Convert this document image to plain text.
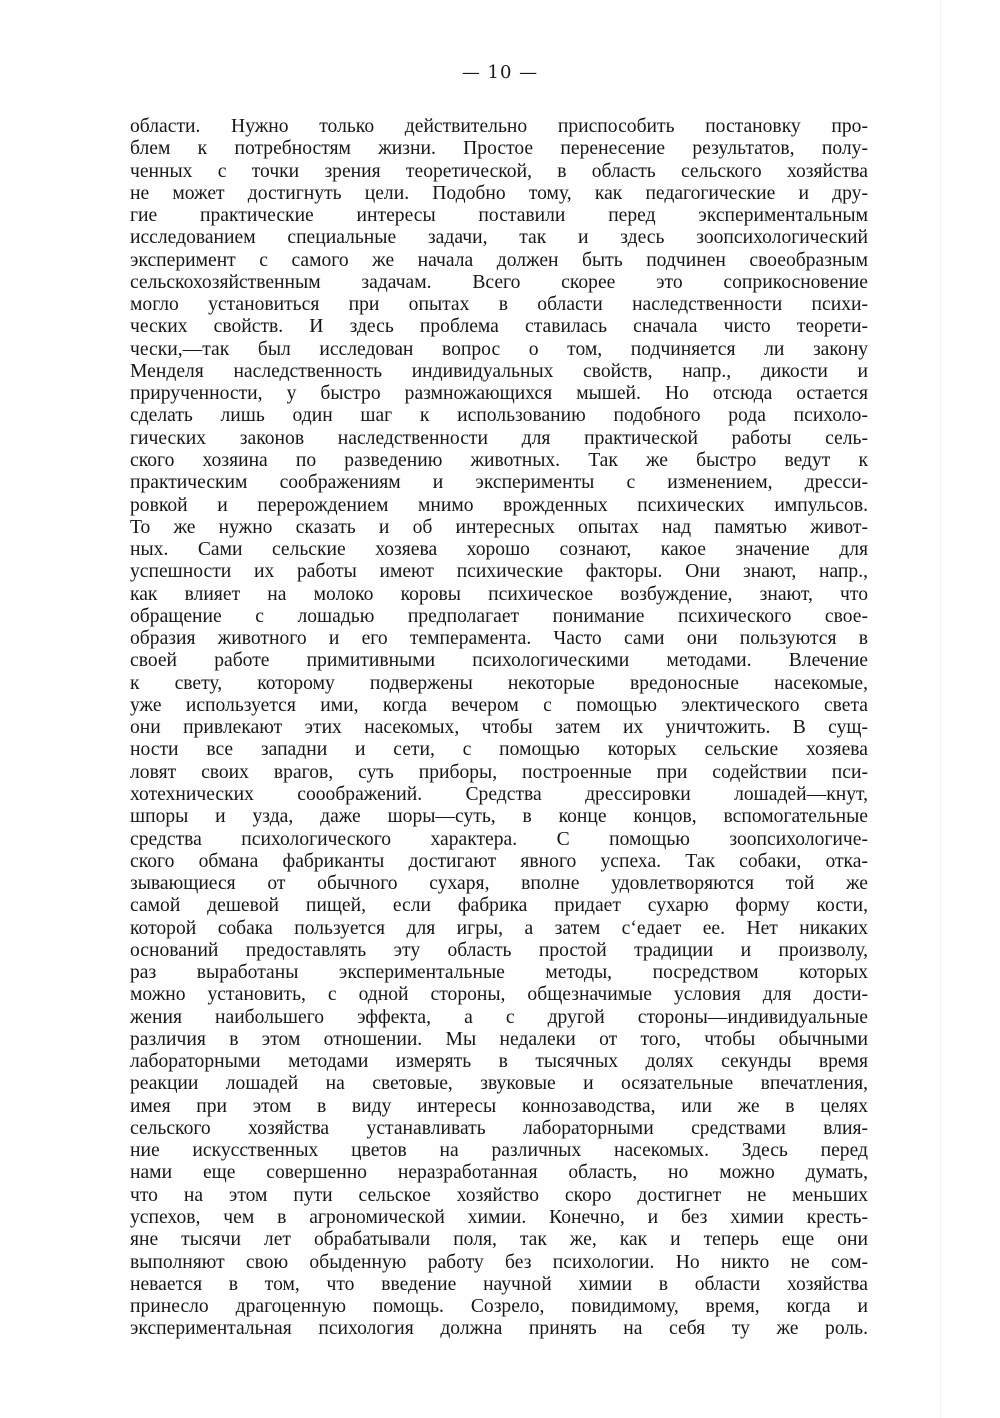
— 10 —
области. Нужно только действительно приспособить постановку про-
блем к потребностям жизни. Простое перенесение результатов, полу-
ченных с точки зрения теоретической, в область сельского хозяйства
не может достигнуть цели. Подобно тому, как педагогические и дру-
гие практические интересы поставили перед экспериментальным
исследованием специальные задачи, так и здесь зоопсихологический
эксперимент с самого же начала должен быть подчинен своеобразным
сельскохозяйственным задачам. Всего скорее это соприкосновение
могло установиться при опытах в области наследственности психи-
ческих свойств. И здесь проблема ставилась сначала чисто теорети-
чески,—так был исследован вопрос о том, подчиняется ли закону
Менделя наследственность индивидуальных свойств, напр., дикости и
прирученности, у быстро размножающихся мышей. Но отсюда остается
сделать лишь один шаг к использованию подобного рода психоло-
гических законов наследственности для практической работы сель-
ского хозяина по разведению животных. Так же быстро ведут к
практическим соображениям и эксперименты с изменением, дресси-
ровкой и перерождением мнимо врожденных психических импульсов.
То же нужно сказать и об интересных опытах над памятью живот-
ных. Сами сельские хозяева хорошо сознают, какое значение для
успешности их работы имеют психические факторы. Они знают, напр.,
как влияет на молоко коровы психическое возбуждение, знают, что
обращение с лошадью предполагает понимание психического свое-
образия животного и его темперамента. Часто сами они пользуются в
своей работе примитивными психологическими методами. Влечение
к свету, которому подвержены некоторые вредоносные насекомые,
уже используется ими, когда вечером с помощью электического света
они привлекают этих насекомых, чтобы затем их уничтожить. В сущ-
ности все западни и сети, с помощью которых сельские хозяева
ловят своих врагов, суть приборы, построенные при содействии пси-
хотехнических сооображений. Средства дрессировки лошадей—кнут,
шпоры и узда, даже шоры—суть, в конце концов, вспомогательные
средства психологического характера. С помощью зоопсихологиче-
ского обмана фабриканты достигают явного успеха. Так собаки, отка-
зывающиеся от обычного сухаря, вполне удовлетворяются той же
самой дешевой пищей, если фабрика придает сухарю форму кости,
которой собака пользуется для игры, а затем с‘едает ее. Нет никаких
оснований предоставлять эту область простой традиции и произволу,
раз выработаны экспериментальные методы, посредством которых
можно установить, с одной стороны, общезначимые условия для дости-
жения наибольшего эффекта, а с другой стороны—индивидуальные
различия в этом отношении. Мы недалеки от того, чтобы обычными
лабораторными методами измерять в тысячных долях секунды время
реакции лошадей на световые, звуковые и осязательные впечатления,
имея при этом в виду интересы коннозаводства, или же в целях
сельского хозяйства устанавливать лабораторными средствами влия-
ние искусственных цветов на различных насекомых. Здесь перед
нами еще совершенно неразработанная область, но можно думать,
что на этом пути сельское хозяйство скоро достигнет не меньших
успехов, чем в агрономической химии. Конечно, и без химии кресть-
яне тысячи лет обрабатывали поля, так же, как и теперь еще они
выполняют свою обыденную работу без психологии. Но никто не сом-
невается в том, что введение научной химии в области хозяйства
принесло драгоценную помощь. Созрело, повидимому, время, когда и
экспериментальная психология должна принять на себя ту же роль.
